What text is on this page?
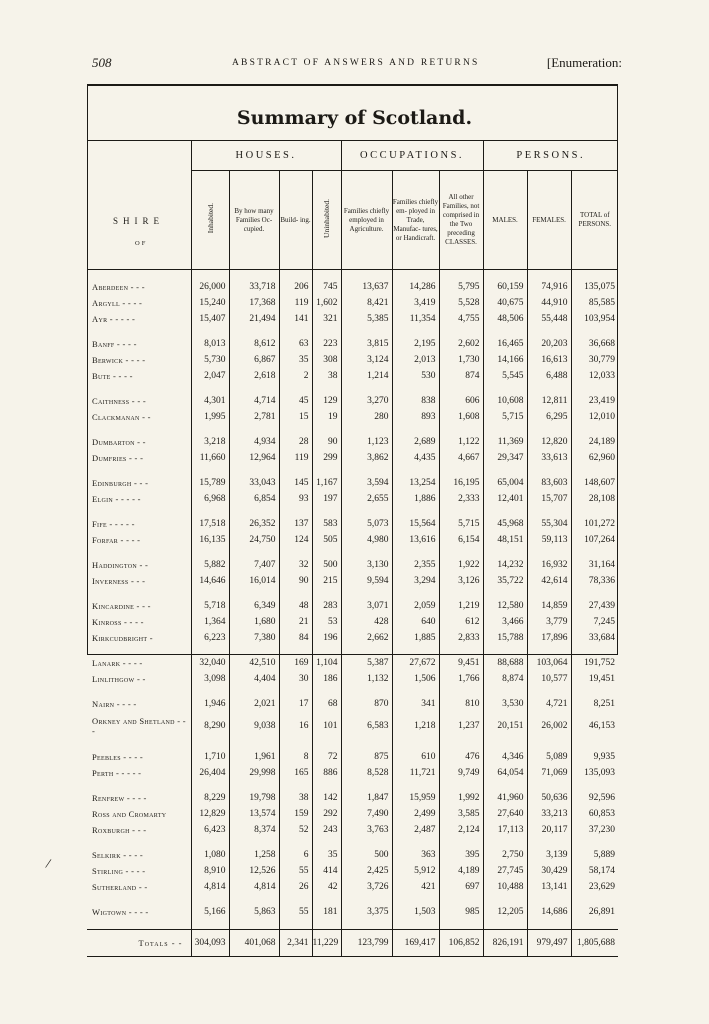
508	ABSTRACT OF ANSWERS AND RETURNS	[Enumeration:
Summary of Scotland.
SHIRE
OF	HOUSES.				OCCUPATIONS.			PERSONS.		
	Inhabited.	By how many Families Oc- cupied.	Build- ing.	Uninhabited.	Families chiefly employed in Agriculture.	Families chiefly em- ployed in Trade, Manufac- tures, or Handicraft.	All other Families, not comprised in the Two preceding CLASSES.	MALES.	FEMALES.	TOTAL of PERSONS.

Aberdeen - - -	26,000	33,718	206	745	13,637	14,286	5,795	60,159	74,916	135,075
Argyll - - - -	15,240	17,368	119	1,602	8,421	3,419	5,528	40,675	44,910	85,585
Ayr - - - - -	15,407	21,494	141	321	5,385	11,354	4,755	48,506	55,448	103,954

Banff - - - -	8,013	8,612	63	223	3,815	2,195	2,602	16,465	20,203	36,668
Berwick - - - -	5,730	6,867	35	308	3,124	2,013	1,730	14,166	16,613	30,779
Bute - - - -	2,047	2,618	2	38	1,214	530	874	5,545	6,488	12,033

Caithness - - -	4,301	4,714	45	129	3,270	838	606	10,608	12,811	23,419
Clackmanan - -	1,995	2,781	15	19	280	893	1,608	5,715	6,295	12,010

Dumbarton - -	3,218	4,934	28	90	1,123	2,689	1,122	11,369	12,820	24,189
Dumfries - - -	11,660	12,964	119	299	3,862	4,435	4,667	29,347	33,613	62,960

Edinburgh - - -	15,789	33,043	145	1,167	3,594	13,254	16,195	65,004	83,603	148,607
Elgin - - - - -	6,968	6,854	93	197	2,655	1,886	2,333	12,401	15,707	28,108

Fife - - - - -	17,518	26,352	137	583	5,073	15,564	5,715	45,968	55,304	101,272
Forfar - - - -	16,135	24,750	124	505	4,980	13,616	6,154	48,151	59,113	107,264

Haddington - -	5,882	7,407	32	500	3,130	2,355	1,922	14,232	16,932	31,164
Inverness - - -	14,646	16,014	90	215	9,594	3,294	3,126	35,722	42,614	78,336

Kincardine - - -	5,718	6,349	48	283	3,071	2,059	1,219	12,580	14,859	27,439
Kinross - - - -	1,364	1,680	21	53	428	640	612	3,466	3,779	7,245
Kirkcudbright -	6,223	7,380	84	196	2,662	1,885	2,833	15,788	17,896	33,684

Lanark - - - -	32,040	42,510	169	1,104	5,387	27,672	9,451	88,688	103,064	191,752
Linlithgow - -	3,098	4,404	30	186	1,132	1,506	1,766	8,874	10,577	19,451

Nairn - - - -	1,946	2,021	17	68	870	341	810	3,530	4,721	8,251
Orkney and Shetland - - -	8,290	9,038	16	101	6,583	1,218	1,237	20,151	26,002	46,153

Peebles - - - -	1,710	1,961	8	72	875	610	476	4,346	5,089	9,935
Perth - - - - -	26,404	29,998	165	886	8,528	11,721	9,749	64,054	71,069	135,093

Renfrew - - - -	8,229	19,798	38	142	1,847	15,959	1,992	41,960	50,636	92,596
Ross and Cromarty	12,829	13,574	159	292	7,490	2,499	3,585	27,640	33,213	60,853
Roxburgh - - -	6,423	8,374	52	243	3,763	2,487	2,124	17,113	20,117	37,230

Selkirk - - - -	1,080	1,258	6	35	500	363	395	2,750	3,139	5,889
Stirling - - - -	8,910	12,526	55	414	2,425	5,912	4,189	27,745	30,429	58,174
Sutherland - -	4,814	4,814	26	42	3,726	421	697	10,488	13,141	23,629

Wigtown - - - -	5,166	5,863	55	181	3,375	1,503	985	12,205	14,686	26,891

Totals - -	304,093	401,068	2,341	11,229	123,799	169,417	106,852	826,191	979,497	1,805,688
/
